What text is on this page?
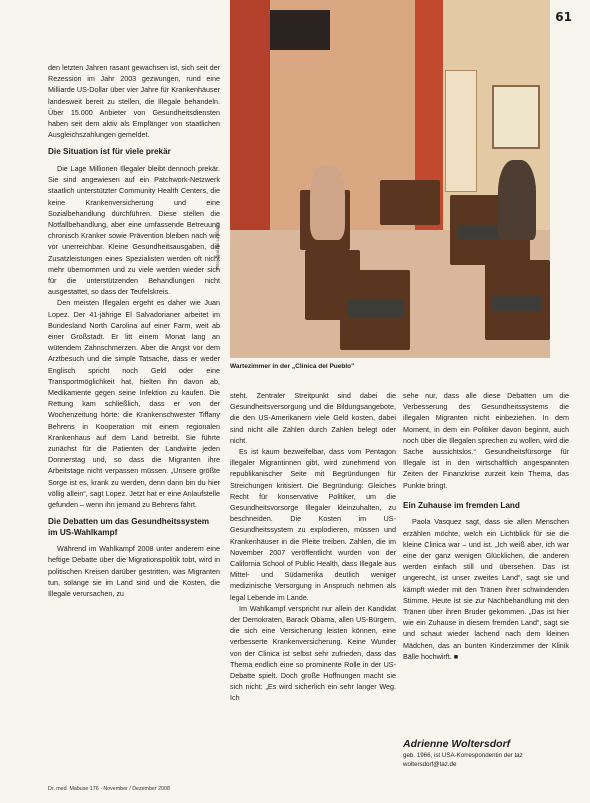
61
Foto: dpa/Jim Lo Scalzo
Wartezimmer in der „Clinica del Pueblo"

den letzten Jahren rasant gewachsen ist, sich seit der Rezession im Jahr 2003 gezwungen, rund eine Milliarde US-Dollar über vier Jahre für Krankenhäuser landesweit bereit zu stellen, die Illegale behandeln. Über 15.000 Anbieter von Gesundheitsdiensten haben seit dem aktiv als Empfänger von staatlichen Ausgleichszahlungen gemeldet.

Die Situation ist für viele prekär

Die Lage Millionen Illegaler bleibt dennoch prekär. Sie sind angewiesen auf ein Patchwork-Netzwerk staatlich unterstützter Community Health Centers, die keine Krankenversicherung und eine Sozialbehandlung durchführen. Diese stellen die Notfallbehandlung, aber eine umfassende Betreuung chronisch Kranker sowie Prävention bleiben nach wie vor unerreichbar. Kleine Gesundheitsausgaben, die Zusatzleistungen eines Spezialisten werden oft nicht mehr übernommen und zu viele werden wieder sich für die unterstützenden Behandlungen nicht ausgestattet, so dass der Teufelskreis.

Den meisten Illegalen ergeht es daher wie Juan Lopez. Der 41-jährige El Salvadorianer arbeitet im Bundesland North Carolina auf einer Farm, weit ab einer Großstadt. Er litt einem Monat lang an wütendem Zahnschmerzen. Aber die Angst vor dem Arztbesuch und die simple Tatsache, dass er weder Englisch spricht noch Geld oder eine Transportmöglichkeit hat, hielten ihn davon ab, Medikamente gegen seine Infektion zu kaufen. Die Rettung kam schließlich, dass er von der Wochenzeitung hörte: die Krankenschwester Tiffany Behrens in Kooperation mit einem regionalen Krankenhaus auf dem Land betreibt. Sie führte zunächst für die Patienten der Landwirte jeden Donnerstag und, so dass die Migranten ihre Arbeitstage nicht verpassen müssen. „Unsere größte Sorge ist es, krank zu werden, denn dann bin du hier völlig allein“, sagt Lopez. Jetzt hat er eine Anlaufstelle gefunden – wenn ihn jemand zu Behrens fährt.

Die Debatten um das Gesundheitssystem im US-Wahlkampf

Während im Wahlkampf 2008 unter anderem eine heftige Debatte über die Migrationspolitik tobt, wird in politischen Kreisen darüber gestritten, was Migranten tun, solange sie im Land sind und die Kosten, die Illegale verursachen, zu

steht. Zentraler Streitpunkt sind dabei die Gesundheitsversorgung und die Bildungsangebote, die den US-Amerikanern viele Geld kosten, dabei sind nicht alle Zahlen durch Zahlen belegt oder nicht.

Es ist kaum bezweifelbar, dass vom Pentagon illegaler Migrantinnen gibt, wird zunehmend von republikanischer Seite mit Begründungen für Streichungen kritisiert. Die Begründung: Gleiches Recht für konservative Politiker, um die Gesundheitsvorsorge Illegaler kleinzuhalten, zu beschneiden. Die Kosten im US-Gesundheitssystem zu explodieren, müssen und Krankenhäuser in die Pleite treiben. Zahlen, die im November 2007 veröffentlicht wurden von der California School of Public Health, dass Illegale aus Mittel- und Südamerika deutlich weniger medizinische Versorgung in Anspruch nehmen als legal Lebende im Lande.

Im Wahlkampf verspricht nur allein der Kandidat der Demokraten, Barack Obama, allen US-Bürgern, die sich eine Versicherung leisten können, eine verbesserte Krankenversicherung. Keine Wunder von der Clinica ist selbst sehr zufrieden, dass das Thema endlich eine so prominente Rolle in der US-Debatte spielt. Doch große Hoffnungen macht sie sich nicht: „Es wird sicherlich ein sehr langer Weg. Ich

sehe nur, dass alle diese Debatten um die Verbesserung des Gesundheitssystems die illegalen Migranten nicht einbeziehen. In dem Moment, in dem ein Politiker davon beginnt, auch noch über die Illegalen sprechen zu wollen, wird die Sache aussichtslos.“ Gesundheitsfürsorge für Illegale ist in den wirtschaftlich angespannten Zeiten der Finanzkrise zurzeit kein Thema, das Punkte bringt.

Ein Zuhause im fremden Land

Paola Vasquez sagt, dass sie allen Menschen erzählen möchte, welch ein Lichtblick für sie die kleine Clinica war – und ist. „Ich weiß aber, ich war eine der ganz wenigen Glücklichen, die anderen werden einfach still und übersehen. Das ist ungerecht, ist unser zweites Land“, sagt sie und kämpft wieder mit den Tränen ihrer schwindenden Stimme. Heute ist sie zur Nachbehandlung mit den Tränen über ihren Bruder gekommen. „Das ist hier wie ein Zuhause in diesem fremden Land“, sagt sie und schaut wieder lachend nach dem kleinen Mädchen, das an bunten Kinderzimmer der Klinik Bälle hochwirft. ■

Adrienne Woltersdorf

geb. 1966, ist USA-Korrespondentin der taz woltersdorf@taz.de

Dr. med. Mabuse 176 · November / Dezember 2008
